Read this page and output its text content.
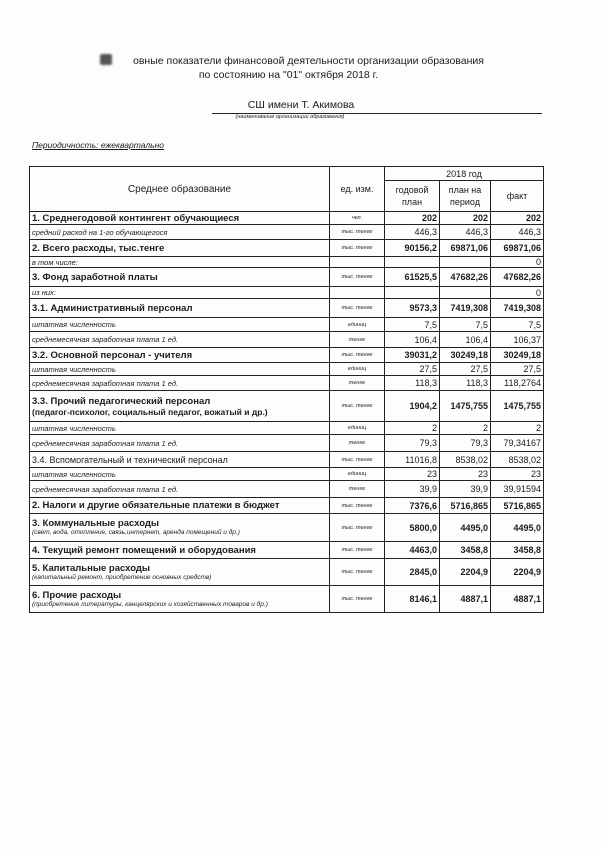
овные показатели финансовой деятельности организации образования
по состоянию на "01" октября 2018 г.
СШ имени Т. Акимова
(наименование организации образования)
Периодичность: ежеквартально
Среднее образование	ед. изм.	2018 год		
		годовой план	план на период	факт
1. Среднегодовой контингент обучающиеся	чел.	202	202	202
средний расход на 1-го обучающегося	тыс. тенге	446,3	446,3	446,3
2. Всего расходы, тыс.тенге	тыс. тенге	90156,2	69871,06	69871,06
в том числе:				0
3. Фонд заработной платы	тыс. тенге	61525,5	47682,26	47682,26
из них:				0
3.1. Административный персонал	тыс. тенге	9573,3	7419,308	7419,308
штатная численность	единиц	7,5	7,5	7,5
среднемесячная заработная плата 1 ед.	тенге	106,4	106,4	106,37
3.2. Основной персонал - учителя	тыс. тенге	39031,2	30249,18	30249,18
штатная численность	единиц	27,5	27,5	27,5
среднемесячная заработная плата 1 ед.	тенге	118,3	118,3	118,2764

3.3. Прочий педагогический персонал
(педагог-психолог, социальный педагог, вожатый и др.)	тыс. тенге	1904,2	1475,755	1475,755
штатная численность	единиц	2	2	2
среднемесячная заработная плата 1 ед.	тенге	79,3	79,3	79,34167
3.4. Вспомогательный и технический персонал	тыс. тенге	11016,8	8538,02	8538,02
штатная численность	единиц	23	23	23
среднемесячная заработная плата 1 ед.	тенге	39,9	39,9	39,91594
2. Налоги и другие обязательные платежи в бюджет	тыс. тенге	7376,6	5716,865	5716,865

3. Коммунальные расходы
(свет, вода, отопление, связь,интернет, аренда помещений и др.)	тыс. тенге	5800,0	4495,0	4495,0
4. Текущий ремонт помещений и оборудования	тыс. тенге	4463,0	3458,8	3458,8

5. Капитальные расходы
(капитальный ремонт, приобретение основных средств)	тыс. тенге	2845,0	2204,9	2204,9

6. Прочие расходы
(приобретение литературы, канцелярских и хозяйственных товаров и др.)	тыс. тенге	8146,1	4887,1	4887,1
